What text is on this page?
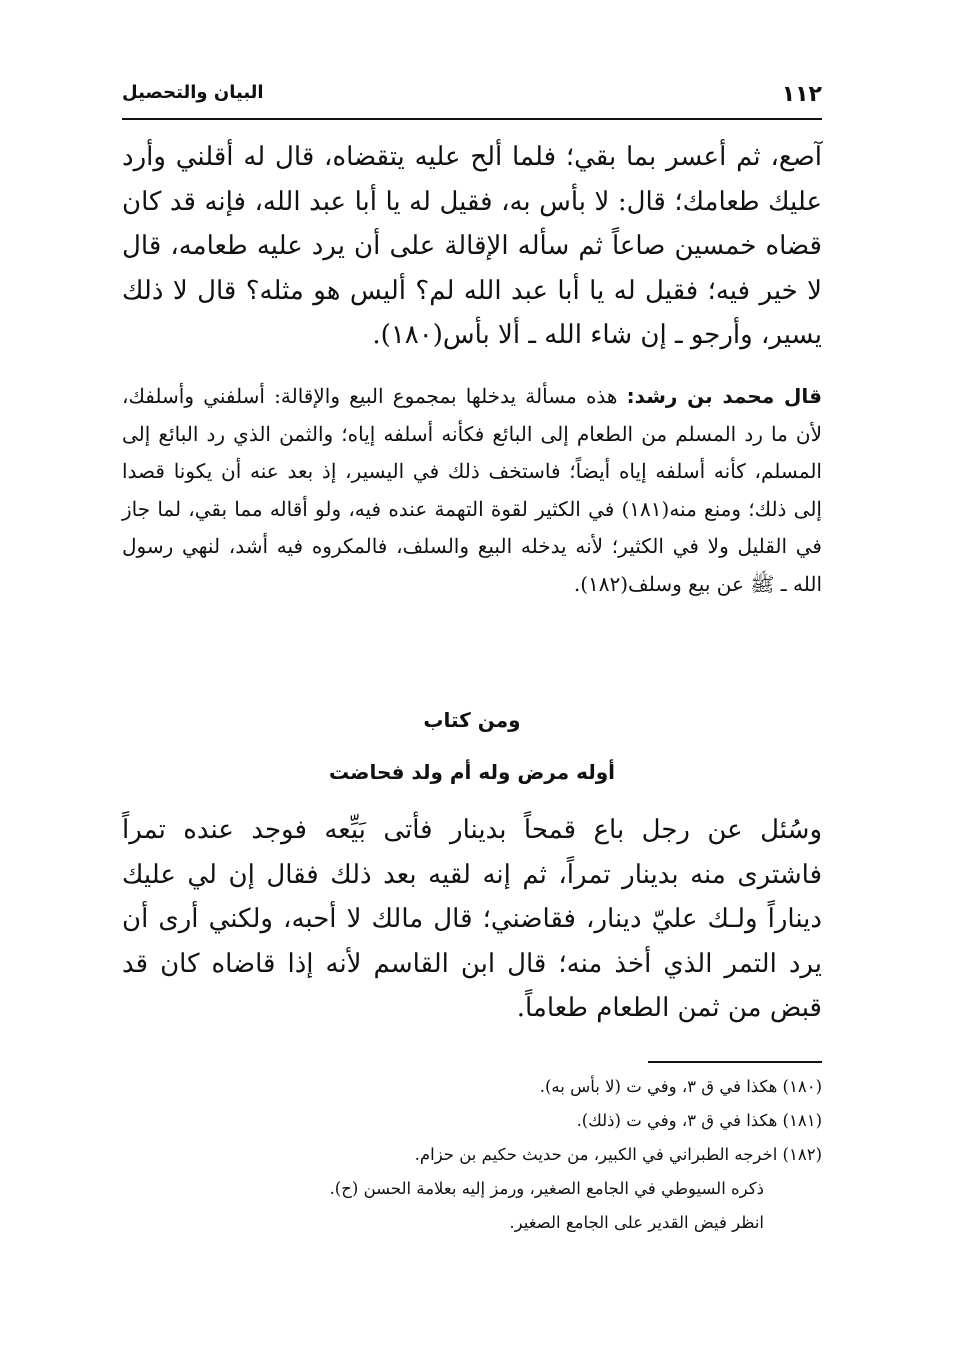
١١٢
البيان والتحصيل

آصع، ثم أعسر بما بقي؛ فلما ألح عليه يتقضاه، قال له أقلني وأرد عليك طعامك؛ قال: لا بأس به، فقيل له يا أبا عبد الله، فإنه قد كان قضاه خمسين صاعاً ثم سأله الإقالة على أن يرد عليه طعامه، قال لا خير فيه؛ فقيل له يا أبا عبد الله لم؟ أليس هو مثله؟ قال لا ذلك يسير، وأرجو ـ إن شاء الله ـ ألا بأس(١٨٠).

قال محمد بن رشد: هذه مسألة يدخلها بمجموع البيع والإقالة: أسلفني وأسلفك، لأن ما رد المسلم من الطعام إلى البائع فكأنه أسلفه إياه؛ والثمن الذي رد البائع إلى المسلم، كأنه أسلفه إياه أيضاً؛ فاستخف ذلك في اليسير، إذ بعد عنه أن يكونا قصدا إلى ذلك؛ ومنع منه(١٨١) في الكثير لقوة التهمة عنده فيه، ولو أقاله مما بقي، لما جاز في القليل ولا في الكثير؛ لأنه يدخله البيع والسلف، فالمكروه فيه أشد، لنهي رسول الله ـ ﷺ عن بيع وسلف(١٨٢).

ومن كتاب
أوله مرض وله أم ولد فحاضت

وسُئل عن رجل باع قمحاً بدينار فأتى بَيِّعه فوجد عنده تمراً فاشترى منه بدينار تمراً، ثم إنه لقيه بعد ذلك فقال إن لي عليك ديناراً ولـك عليّ دينار، فقاضني؛ قال مالك لا أحبه، ولكني أرى أن يرد التمر الذي أخذ منه؛ قال ابن القاسم لأنه إذا قاضاه كان قد قبض من ثمن الطعام طعاماً.

(١٨٠) هكذا في ق ٣، وفي ت (لا بأس به).
(١٨١) هكذا في ق ٣، وفي ت (ذلك).
(١٨٢) اخرجه الطبراني في الكبير، من حديث حكيم بن حزام.
ذكره السيوطي في الجامع الصغير، ورمز إليه بعلامة الحسن (ح).
انظر فيض القدير على الجامع الصغير.
